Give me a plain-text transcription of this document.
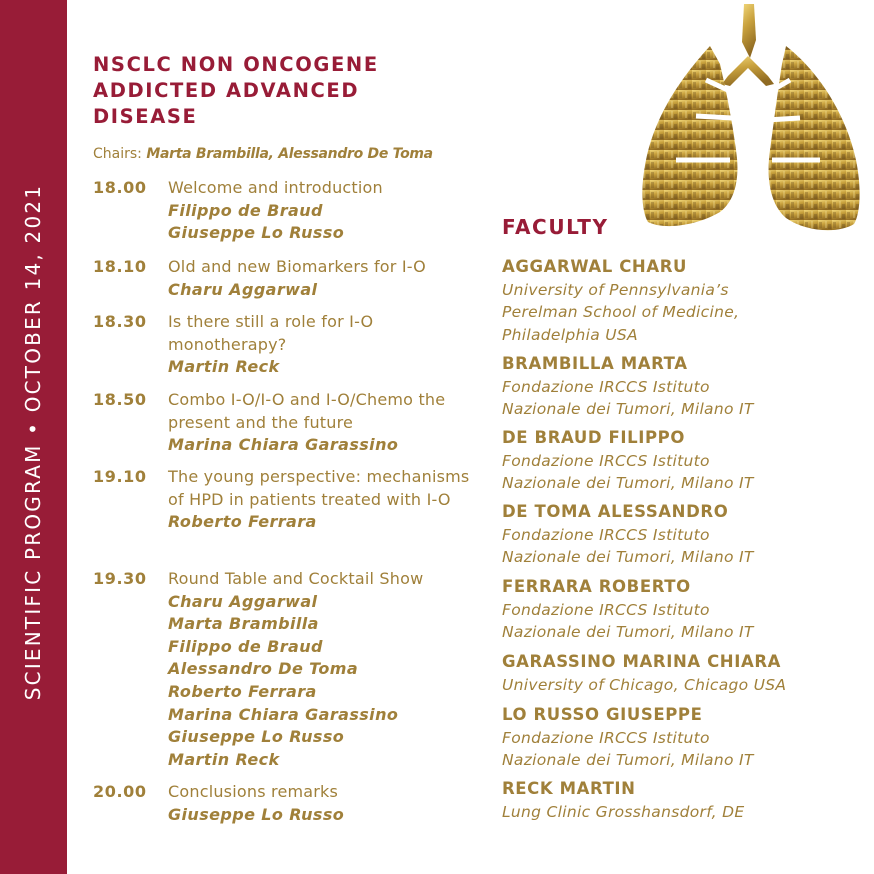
SCIENTIFIC PROGRAM • OCTOBER 14, 2021
NSCLC NON ONCOGENE ADDICTED ADVANCED DISEASE
Chairs: Marta Brambilla, Alessandro De Toma
18.00 Welcome and introduction
Filippo de Braud
Giuseppe Lo Russo
18.10 Old and new Biomarkers for I-O
Charu Aggarwal
18.30 Is there still a role for I-O monotherapy?
Martin Reck
18.50 Combo I-O/I-O and I-O/Chemo the present and the future
Marina Chiara Garassino
19.10 The young perspective: mechanisms of HPD in patients treated with I-O
Roberto Ferrara
19.30 Round Table and Cocktail Show
Charu Aggarwal
Marta Brambilla
Filippo de Braud
Alessandro De Toma
Roberto Ferrara
Marina Chiara Garassino
Giuseppe Lo Russo
Martin Reck
20.00 Conclusions remarks
Giuseppe Lo Russo
FACULTY
AGGARWAL CHARU
University of Pennsylvania’s
Perelman School of Medicine,
Philadelphia USA
BRAMBILLA MARTA
Fondazione IRCCS Istituto
Nazionale dei Tumori, Milano IT
DE BRAUD FILIPPO
Fondazione IRCCS Istituto
Nazionale dei Tumori, Milano IT
DE TOMA ALESSANDRO
Fondazione IRCCS Istituto
Nazionale dei Tumori, Milano IT
FERRARA ROBERTO
Fondazione IRCCS Istituto
Nazionale dei Tumori, Milano IT
GARASSINO MARINA CHIARA
University of Chicago, Chicago USA
LO RUSSO GIUSEPPE
Fondazione IRCCS Istituto
Nazionale dei Tumori, Milano IT
RECK MARTIN
Lung Clinic Grosshansdorf, DE
